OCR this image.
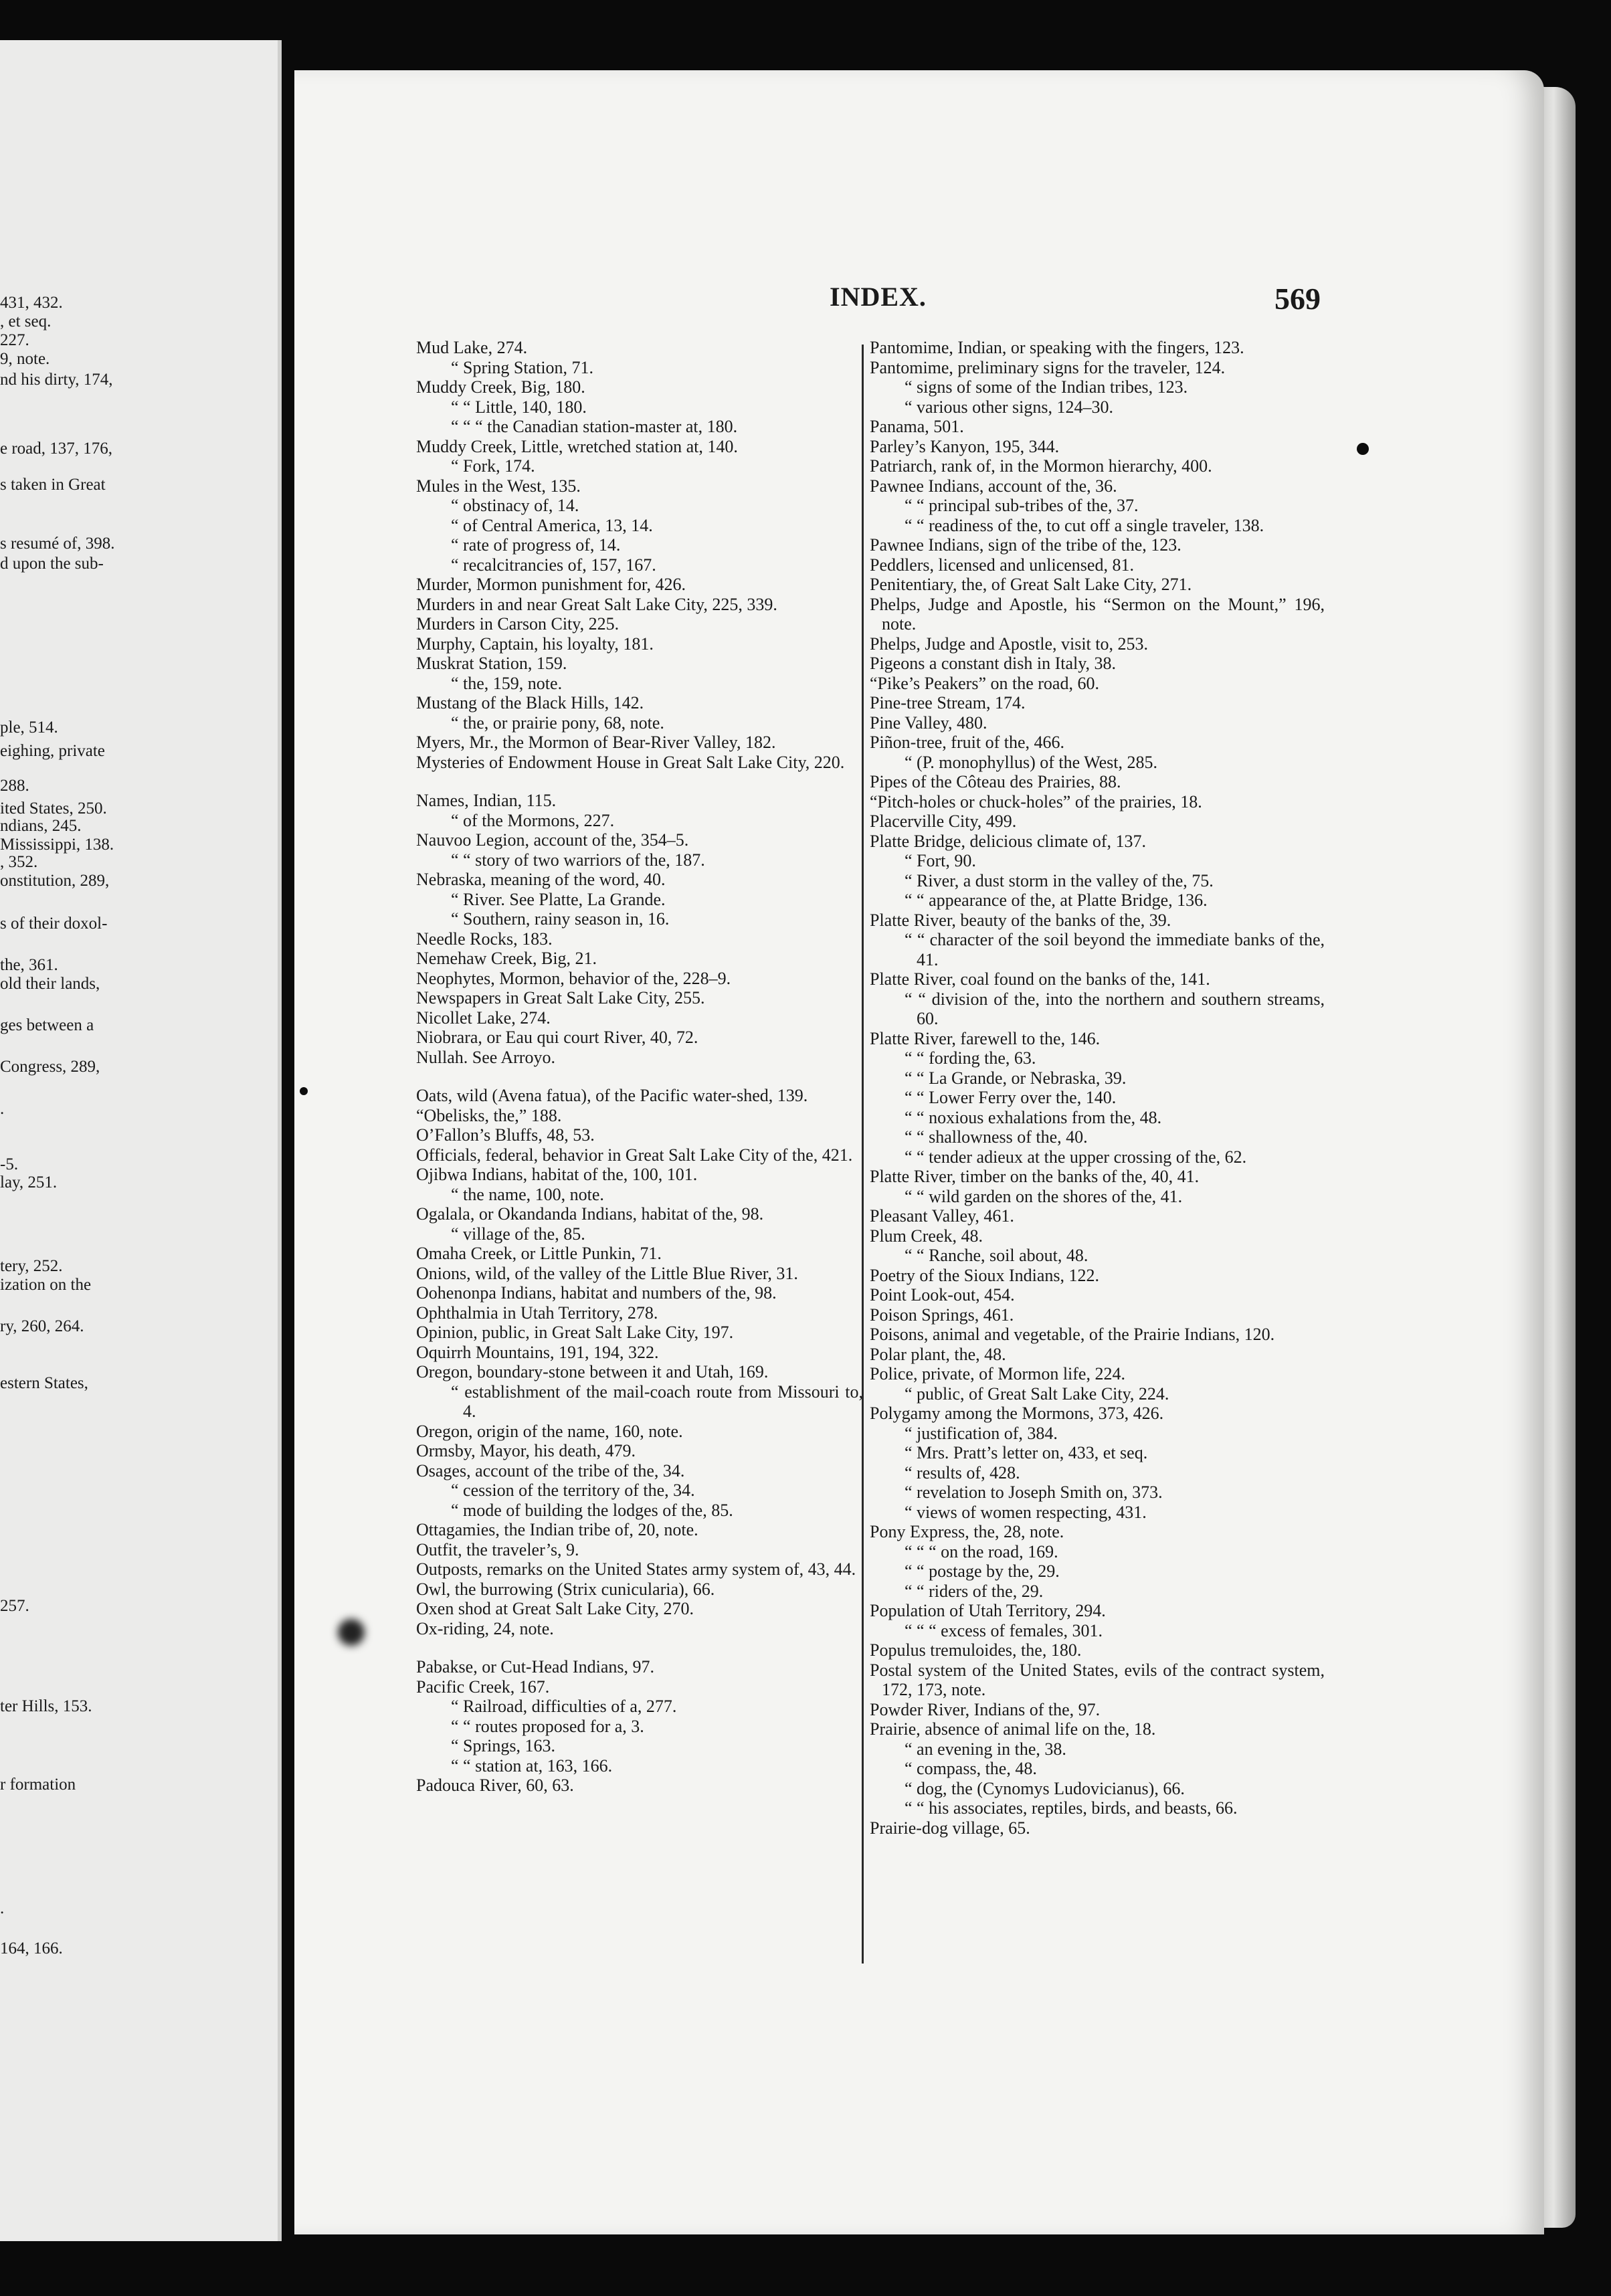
431, 432.
, et seq.
227.
9, note.
nd his dirty, 174,
e road, 137, 176,
s taken in Great
s resumé of, 398.
d upon the sub-
ple, 514.
eighing, private
288.
ited States, 250.
ndians, 245.
Mississippi, 138.
, 352.
onstitution, 289,
s of their doxol-
the, 361.
old their lands,
ges between a
Congress, 289,
.
-5.
lay, 251.
tery, 252.
ization on the
ry, 260, 264.
estern States,
257.
ter Hills, 153.
r formation
.
164, 166.
INDEX.	569
Mud Lake, 274.
“ Spring Station, 71.
Muddy Creek, Big, 180.
“ “ Little, 140, 180.
“ “ “ the Canadian station-master at, 180.
Muddy Creek, Little, wretched station at, 140.
“ Fork, 174.
Mules in the West, 135.
“ obstinacy of, 14.
“ of Central America, 13, 14.
“ rate of progress of, 14.
“ recalcitrancies of, 157, 167.
Murder, Mormon punishment for, 426.
Murders in and near Great Salt Lake City, 225, 339.
Murders in Carson City, 225.
Murphy, Captain, his loyalty, 181.
Muskrat Station, 159.
“ the, 159, note.
Mustang of the Black Hills, 142.
“ the, or prairie pony, 68, note.
Myers, Mr., the Mormon of Bear-River Valley, 182.
Mysteries of Endowment House in Great Salt Lake City, 220.
Names, Indian, 115.
“ of the Mormons, 227.
Nauvoo Legion, account of the, 354–5.
“ “ story of two warriors of the, 187.
Nebraska, meaning of the word, 40.
“ River. See Platte, La Grande.
“ Southern, rainy season in, 16.
Needle Rocks, 183.
Nemehaw Creek, Big, 21.
Neophytes, Mormon, behavior of the, 228–9.
Newspapers in Great Salt Lake City, 255.
Nicollet Lake, 274.
Niobrara, or Eau qui court River, 40, 72.
Nullah. See Arroyo.
Oats, wild (Avena fatua), of the Pacific water-shed, 139.
“Obelisks, the,” 188.
O’Fallon’s Bluffs, 48, 53.
Officials, federal, behavior in Great Salt Lake City of the, 421.
Ojibwa Indians, habitat of the, 100, 101.
“ the name, 100, note.
Ogalala, or Okandanda Indians, habitat of the, 98.
“ village of the, 85.
Omaha Creek, or Little Punkin, 71.
Onions, wild, of the valley of the Little Blue River, 31.
Oohenonpa Indians, habitat and numbers of the, 98.
Ophthalmia in Utah Territory, 278.
Opinion, public, in Great Salt Lake City, 197.
Oquirrh Mountains, 191, 194, 322.
Oregon, boundary-stone between it and Utah, 169.
“ establishment of the mail-coach route from Missouri to, 4.
Oregon, origin of the name, 160, note.
Ormsby, Mayor, his death, 479.
Osages, account of the tribe of the, 34.
“ cession of the territory of the, 34.
“ mode of building the lodges of the, 85.
Ottagamies, the Indian tribe of, 20, note.
Outfit, the traveler’s, 9.
Outposts, remarks on the United States army system of, 43, 44.
Owl, the burrowing (Strix cunicularia), 66.
Oxen shod at Great Salt Lake City, 270.
Ox-riding, 24, note.
Pabakse, or Cut-Head Indians, 97.
Pacific Creek, 167.
“ Railroad, difficulties of a, 277.
“ “ routes proposed for a, 3.
“ Springs, 163.
“ “ station at, 163, 166.
Padouca River, 60, 63.
Pantomime, Indian, or speaking with the fingers, 123.
Pantomime, preliminary signs for the traveler, 124.
“ signs of some of the Indian tribes, 123.
“ various other signs, 124–30.
Panama, 501.
Parley’s Kanyon, 195, 344.
Patriarch, rank of, in the Mormon hierarchy, 400.
Pawnee Indians, account of the, 36.
“ “ principal sub-tribes of the, 37.
“ “ readiness of the, to cut off a single traveler, 138.
Pawnee Indians, sign of the tribe of the, 123.
Peddlers, licensed and unlicensed, 81.
Penitentiary, the, of Great Salt Lake City, 271.
Phelps, Judge and Apostle, his “Sermon on the Mount,” 196, note.
Phelps, Judge and Apostle, visit to, 253.
Pigeons a constant dish in Italy, 38.
“Pike’s Peakers” on the road, 60.
Pine-tree Stream, 174.
Pine Valley, 480.
Piñon-tree, fruit of the, 466.
“ (P. monophyllus) of the West, 285.
Pipes of the Côteau des Prairies, 88.
“Pitch-holes or chuck-holes” of the prairies, 18.
Placerville City, 499.
Platte Bridge, delicious climate of, 137.
“ Fort, 90.
“ River, a dust storm in the valley of the, 75.
“ “ appearance of the, at Platte Bridge, 136.
Platte River, beauty of the banks of the, 39.
“ “ character of the soil beyond the immediate banks of the, 41.
Platte River, coal found on the banks of the, 141.
“ “ division of the, into the northern and southern streams, 60.
Platte River, farewell to the, 146.
“ “ fording the, 63.
“ “ La Grande, or Nebraska, 39.
“ “ Lower Ferry over the, 140.
“ “ noxious exhalations from the, 48.
“ “ shallowness of the, 40.
“ “ tender adieux at the upper crossing of the, 62.
Platte River, timber on the banks of the, 40, 41.
“ “ wild garden on the shores of the, 41.
Pleasant Valley, 461.
Plum Creek, 48.
“ “ Ranche, soil about, 48.
Poetry of the Sioux Indians, 122.
Point Look-out, 454.
Poison Springs, 461.
Poisons, animal and vegetable, of the Prairie Indians, 120.
Polar plant, the, 48.
Police, private, of Mormon life, 224.
“ public, of Great Salt Lake City, 224.
Polygamy among the Mormons, 373, 426.
“ justification of, 384.
“ Mrs. Pratt’s letter on, 433, et seq.
“ results of, 428.
“ revelation to Joseph Smith on, 373.
“ views of women respecting, 431.
Pony Express, the, 28, note.
“ “ “ on the road, 169.
“ “ postage by the, 29.
“ “ riders of the, 29.
Population of Utah Territory, 294.
“ “ “ excess of females, 301.
Populus tremuloides, the, 180.
Postal system of the United States, evils of the contract system, 172, 173, note.
Powder River, Indians of the, 97.
Prairie, absence of animal life on the, 18.
“ an evening in the, 38.
“ compass, the, 48.
“ dog, the (Cynomys Ludovicianus), 66.
“ “ his associates, reptiles, birds, and beasts, 66.
Prairie-dog village, 65.
